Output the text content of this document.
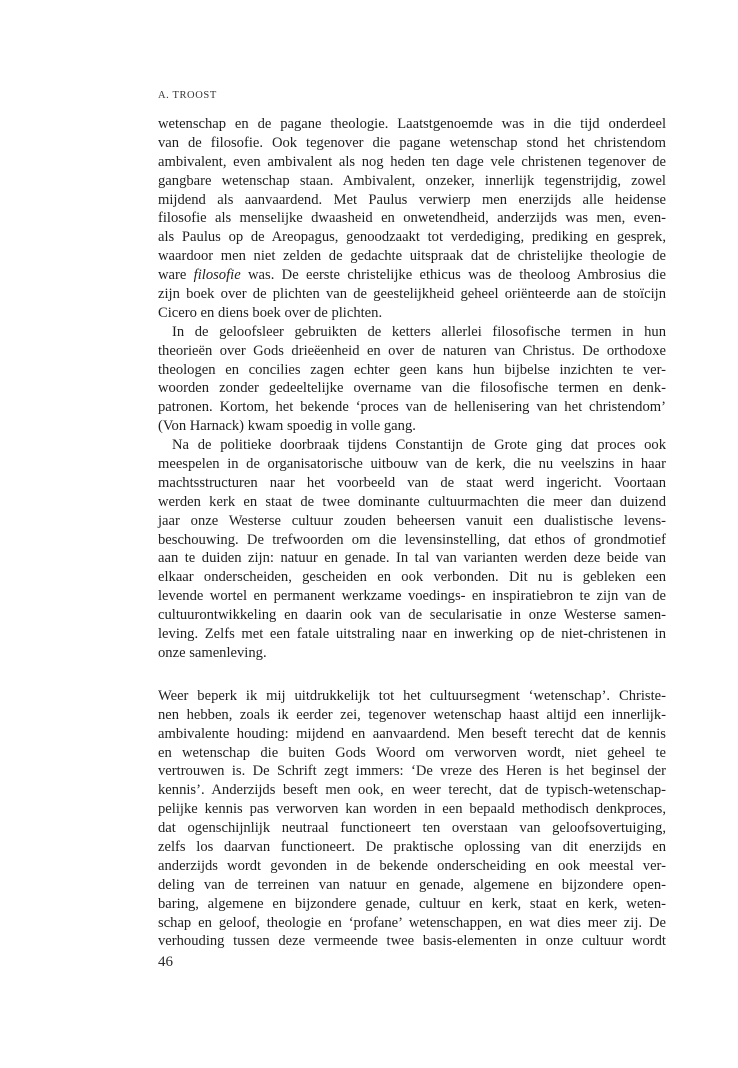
A. TROOST
wetenschap en de pagane theologie. Laatstgenoemde was in die tijd onderdeel
van de filosofie. Ook tegenover die pagane wetenschap stond het christendom
ambivalent, even ambivalent als nog heden ten dage vele christenen tegenover de
gangbare wetenschap staan. Ambivalent, onzeker, innerlijk tegenstrijdig, zowel
mijdend als aanvaardend. Met Paulus verwierp men enerzijds alle heidense
filosofie als menselijke dwaasheid en onwetendheid, anderzijds was men, even-
als Paulus op de Areopagus, genoodzaakt tot verdediging, prediking en gesprek,
waardoor men niet zelden de gedachte uitspraak dat de christelijke theologie de
ware filosofie was. De eerste christelijke ethicus was de theoloog Ambrosius die
zijn boek over de plichten van de geestelijkheid geheel oriënteerde aan de stoïcijn
Cicero en diens boek over de plichten.
In de geloofsleer gebruikten de ketters allerlei filosofische termen in hun
theorieën over Gods drieëenheid en over de naturen van Christus. De orthodoxe
theologen en concilies zagen echter geen kans hun bijbelse inzichten te ver-
woorden zonder gedeeltelijke overname van die filosofische termen en denk-
patronen. Kortom, het bekende ‘proces van de hellenisering van het christendom’
(Von Harnack) kwam spoedig in volle gang.
Na de politieke doorbraak tijdens Constantijn de Grote ging dat proces ook
meespelen in de organisatorische uitbouw van de kerk, die nu veelszins in haar
machtsstructuren naar het voorbeeld van de staat werd ingericht. Voortaan
werden kerk en staat de twee dominante cultuurmachten die meer dan duizend
jaar onze Westerse cultuur zouden beheersen vanuit een dualistische levens-
beschouwing. De trefwoorden om die levensinstelling, dat ethos of grondmotief
aan te duiden zijn: natuur en genade. In tal van varianten werden deze beide van
elkaar onderscheiden, gescheiden en ook verbonden. Dit nu is gebleken een
levende wortel en permanent werkzame voedings- en inspiratiebron te zijn van de
cultuurontwikkeling en daarin ook van de secularisatie in onze Westerse samen-
leving. Zelfs met een fatale uitstraling naar en inwerking op de niet-christenen in
onze samenleving.
Weer beperk ik mij uitdrukkelijk tot het cultuursegment ‘wetenschap’. Christe-
nen hebben, zoals ik eerder zei, tegenover wetenschap haast altijd een innerlijk-
ambivalente houding: mijdend en aanvaardend. Men beseft terecht dat de kennis
en wetenschap die buiten Gods Woord om verworven wordt, niet geheel te
vertrouwen is. De Schrift zegt immers: ‘De vreze des Heren is het beginsel der
kennis’. Anderzijds beseft men ook, en weer terecht, dat de typisch-wetenschap-
pelijke kennis pas verworven kan worden in een bepaald methodisch denkproces,
dat ogenschijnlijk neutraal functioneert ten overstaan van geloofsovertuiging,
zelfs los daarvan functioneert. De praktische oplossing van dit enerzijds en
anderzijds wordt gevonden in de bekende onderscheiding en ook meestal ver-
deling van de terreinen van natuur en genade, algemene en bijzondere open-
baring, algemene en bijzondere genade, cultuur en kerk, staat en kerk, weten-
schap en geloof, theologie en ‘profane’ wetenschappen, en wat dies meer zij. De
verhouding tussen deze vermeende twee basis-elementen in onze cultuur wordt
46
